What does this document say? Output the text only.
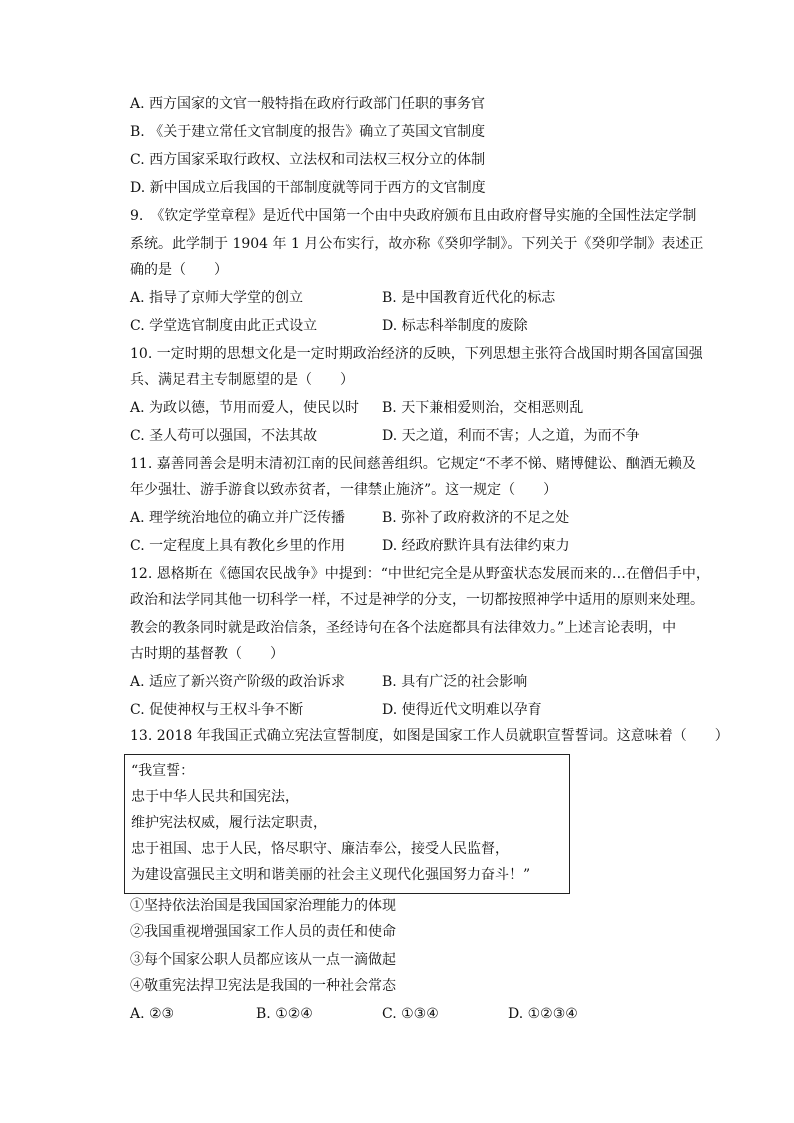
A. 西方国家的文官一般特指在政府行政部门任职的事务官
B. 《关于建立常任文官制度的报告》确立了英国文官制度
C. 西方国家采取行政权、立法权和司法权三权分立的体制
D. 新中国成立后我国的干部制度就等同于西方的文官制度
9.　《钦定学堂章程》是近代中国第一个由中央政府颁布且由政府督导实施的全国性法定学制
系统。此学制于 1904 年 1 月公布实行，故亦称《癸卯学制》。下列关于《癸卯学制》表述正
确的是（　　）
A. 指导了京师大学堂的创立	B. 是中国教育近代化的标志
C. 学堂选官制度由此正式设立	D. 标志科举制度的废除
10. 一定时期的思想文化是一定时期政治经济的反映，下列思想主张符合战国时期各国富国强
兵、满足君主专制愿望的是（　　）
A. 为政以德，节用而爱人，使民以时 B. 天下兼相爱则治，交相恶则乱
C. 圣人苟可以强国，不法其故	D. 天之道，利而不害；人之道，为而不争
11. 嘉善同善会是明末清初江南的民间慈善组织。它规定“不孝不悌、赌博健讼、酗酒无赖及
年少强壮、游手游食以致赤贫者，一律禁止施济”。这一规定（　　）
A. 理学统治地位的确立并广泛传播	B. 弥补了政府救济的不足之处
C. 一定程度上具有教化乡里的作用	D. 经政府默许具有法律约束力
12. 恩格斯在《德国农民战争》中提到：“中世纪完全是从野蛮状态发展而来的…在僧侣手中，
政治和法学同其他一切科学一样，不过是神学的分支，一切都按照神学中适用的原则来处理。
教会的教条同时就是政治信条，圣经诗句在各个法庭都具有法律效力。”上述言论表明，中
古时期的基督教（　　）
A. 适应了新兴资产阶级的政治诉求	B. 具有广泛的社会影响
C. 促使神权与王权斗争不断	D. 使得近代文明难以孕育
13. 2018 年我国正式确立宪法宣誓制度，如图是国家工作人员就职宣誓誓词。这意味着（　　）
“我宣誓：
忠于中华人民共和国宪法，
维护宪法权威，履行法定职责，
忠于祖国、忠于人民，恪尽职守、廉洁奉公，接受人民监督，
为建设富强民主文明和谐美丽的社会主义现代化强国努力奋斗！”
①坚持依法治国是我国国家治理能力的体现
②我国重视增强国家工作人员的责任和使命
③每个国家公职人员都应该从一点一滴做起
④敬重宪法捍卫宪法是我国的一种社会常态
A. ②③	B. ①②④	C. ①③④	D. ①②③④
